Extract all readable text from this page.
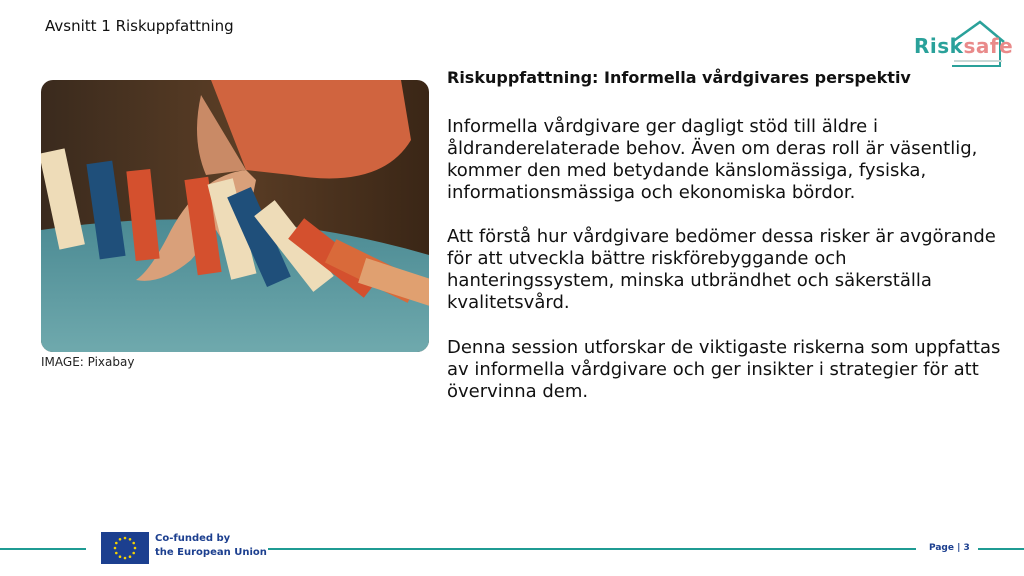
Avsnitt 1 Riskuppfattning
Risksafe
IMAGE: Pixabay
Riskuppfattning: Informella vårdgivares perspektiv

Informella vårdgivare ger dagligt stöd till äldre i åldranderelaterade behov. Även om deras roll är väsentlig, kommer den med betydande känslomässiga, fysiska, informationsmässiga och ekonomiska bördor.

Att förstå hur vårdgivare bedömer dessa risker är avgörande för att utveckla bättre riskförebyggande och hanteringssystem, minska utbrändhet och säkerställa kvalitetsvård.

Denna session utforskar de viktigaste riskerna som uppfattas av informella vårdgivare och ger insikter i strategier för att övervinna dem.

Co-funded by
the European Union	Page | 3
